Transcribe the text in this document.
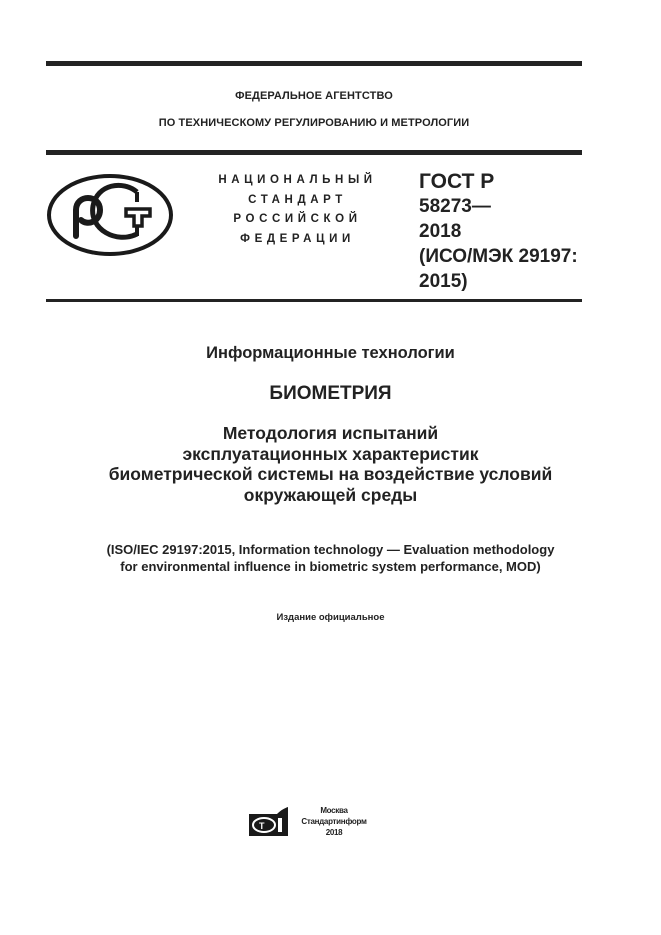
ФЕДЕРАЛЬНОЕ АГЕНТСТВО
ПО ТЕХНИЧЕСКОМУ РЕГУЛИРОВАНИЮ И МЕТРОЛОГИИ
НАЦИОНАЛЬНЫЙ
СТАНДАРТ
РОССИЙСКОЙ
ФЕДЕРАЦИИ
ГОСТ Р
58273—
2018
(ИСО/МЭК 29197:
2015)
Информационные технологии
БИОМЕТРИЯ
Методология испытаний
эксплуатационных характеристик
биометрической системы на воздействие условий
окружающей среды
(ISO/IEC 29197:2015, Information technology — Evaluation methodology
for environmental influence in biometric system performance, MOD)
Издание официальное
Т
Москва
Стандартинформ
2018
